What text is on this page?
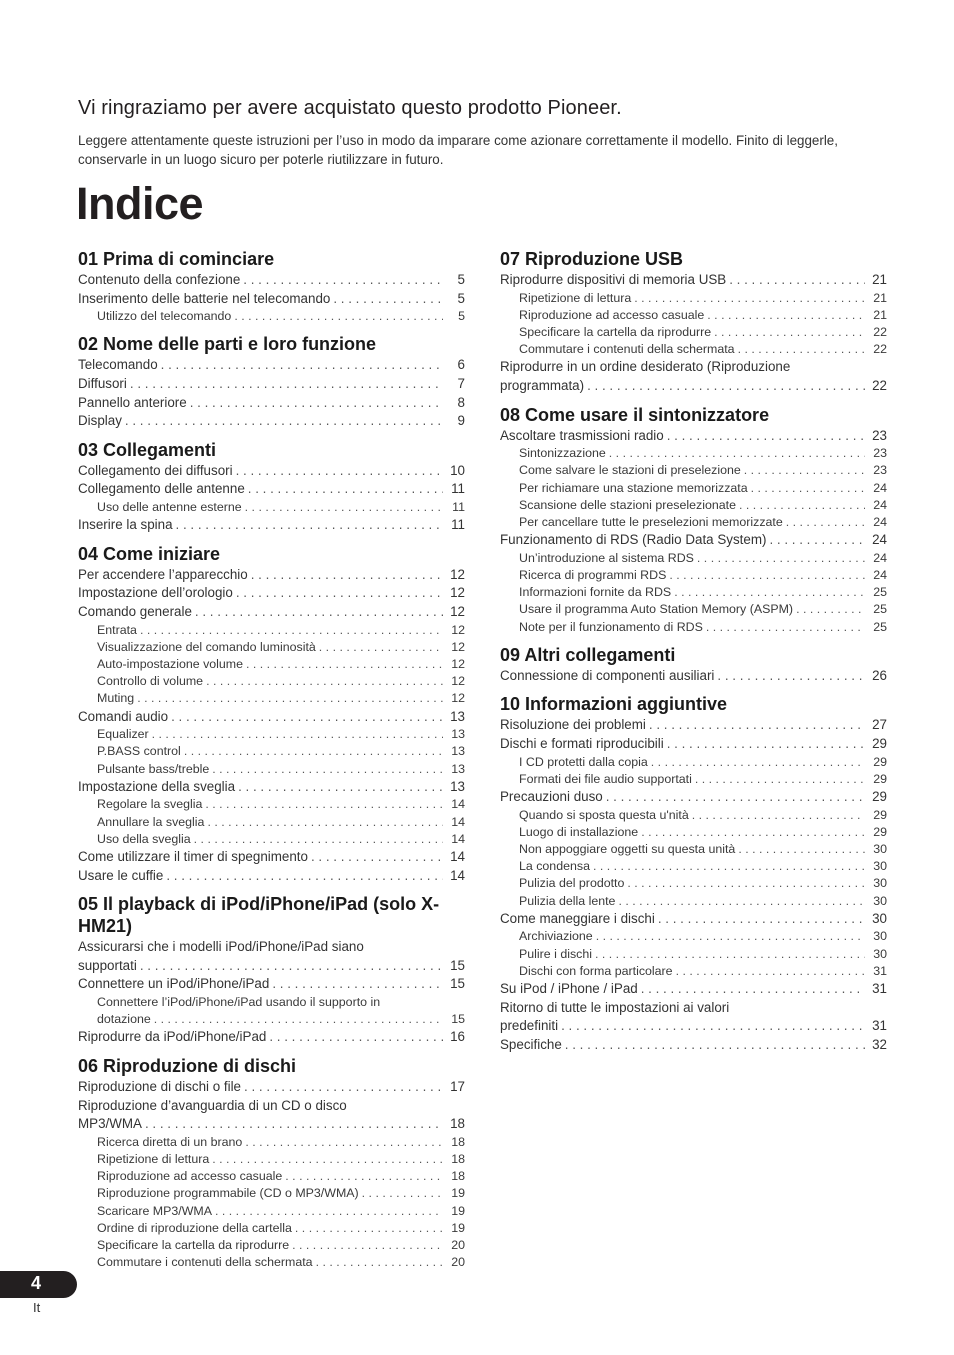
Vi ringraziamo per avere acquistato questo prodotto Pioneer.
Leggere attentamente queste istruzioni per l’uso in modo da imparare come azionare correttamente il modello. Finito di leggerle, conservarle in un luogo sicuro per poterle riutilizzare in futuro.
Indice
01 Prima di cominciare
Contenuto della confezione . . .	5
Inserimento delle batterie nel telecomando . . .	5
Utilizzo del telecomando . . .	5
02 Nome delle parti e loro funzione
Telecomando . . .	6
Diffusori . . .	7
Pannello anteriore . . .	8
Display . . .	9
03 Collegamenti
Collegamento dei diffusori . . .	10
Collegamento delle antenne . . .	11
Uso delle antenne esterne . . .	11
Inserire la spina . . .	11
04 Come iniziare
Per accendere l’apparecchio . . .	12
Impostazione dell’orologio . . .	12
Comando generale . . .	12
Entrata . . .	12
Visualizzazione del comando luminosità . . .	12
Auto-impostazione volume . . .	12
Controllo di volume . . .	12
Muting . . .	12
Comandi audio . . .	13
Equalizer . . .	13
P.BASS control . . .	13
Pulsante bass/treble . . .	13
Impostazione della sveglia . . .	13
Regolare la sveglia . . .	14
Annullare la sveglia . . .	14
Uso della sveglia . . .	14
Come utilizzare il timer di spegnimento . . .	14
Usare le cuffie . . .	14
05 Il playback di iPod/iPhone/iPad (solo X-HM21)
Assicurarsi che i modelli iPod/iPhone/iPad siano
supportati . . .	15
Connettere un iPod/iPhone/iPad . . .	15
Connettere l’iPod/iPhone/iPad usando il supporto in
dotazione . . .	15
Riprodurre da iPod/iPhone/iPad . . .	16
06 Riproduzione di dischi
Riproduzione di dischi o file . . .	17
Riproduzione d’avanguardia di un CD o disco
MP3/WMA . . .	18
Ricerca diretta di un brano . . .	18
Ripetizione di lettura . . .	18
Riproduzione ad accesso casuale . . .	18
Riproduzione programmabile (CD o MP3/WMA) . . .	19
Scaricare MP3/WMA . . .	19
Ordine di riproduzione della cartella . . .	19
Specificare la cartella da riprodurre . . .	20
Commutare i contenuti della schermata . . .	20
07 Riproduzione USB
Riprodurre dispositivi di memoria USB . . .	21
Ripetizione di lettura . . .	21
Riproduzione ad accesso casuale . . .	21
Specificare la cartella da riprodurre . . .	22
Commutare i contenuti della schermata . . .	22
Riprodurre in un ordine desiderato (Riproduzione
programmata) . . .	22
08 Come usare il sintonizzatore
Ascoltare trasmissioni radio . . .	23
Sintonizzazione . . .	23
Come salvare le stazioni di preselezione . . .	23
Per richiamare una stazione memorizzata . . .	24
Scansione delle stazioni preselezionate . . .	24
Per cancellare tutte le preselezioni memorizzate . . .	24
Funzionamento di RDS (Radio Data System) . . .	24
Un’introduzione al sistema RDS . . .	24
Ricerca di programmi RDS . . .	24
Informazioni fornite da RDS . . .	25
Usare il programma Auto Station Memory (ASPM) . . .	25
Note per il funzionamento di RDS . . .	25
09 Altri collegamenti
Connessione di componenti ausiliari . . .	26
10 Informazioni aggiuntive
Risoluzione dei problemi . . .	27
Dischi e formati riproducibili . . .	29
I CD protetti dalla copia . . .	29
Formati dei file audio supportati . . .	29
Precauzioni duso . . .	29
Quando si sposta questa u'nità . . .	29
Luogo di installazione . . .	29
Non appoggiare oggetti su questa unità . . .	30
La condensa . . .	30
Pulizia del prodotto . . .	30
Pulizia della lente . . .	30
Come maneggiare i dischi . . .	30
Archiviazione . . .	30
Pulire i dischi . . .	30
Dischi con forma particolare . . .	31
Su iPod / iPhone / iPad . . .	31
Ritorno di tutte le impostazioni ai valori
predefiniti . . .	31
Specifiche . . .	32
4
It
